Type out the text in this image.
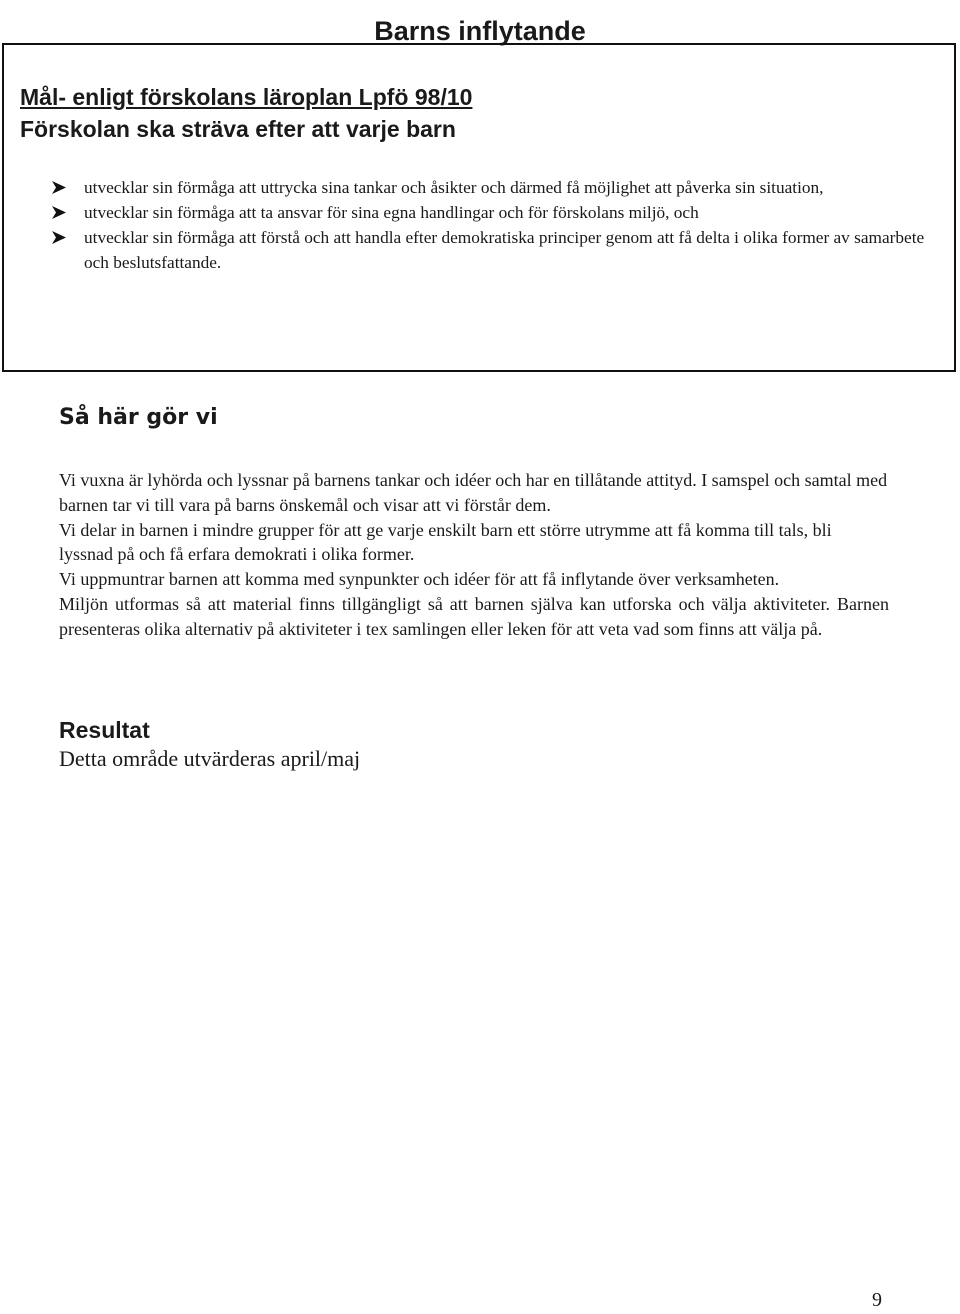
Barns inflytande
Mål- enligt förskolans läroplan Lpfö 98/10
Förskolan ska sträva efter att varje barn
utvecklar sin förmåga att uttrycka sina tankar och åsikter och därmed få möjlighet att påverka sin situation,
utvecklar sin förmåga att ta ansvar för sina egna handlingar och för förskolans miljö, och
utvecklar sin förmåga att förstå och att handla efter demokratiska principer genom att få delta i olika former av samarbete och beslutsfattande.
Så här gör vi

Vi vuxna är lyhörda och lyssnar på barnens tankar och idéer och har en tillåtande attityd. I samspel och samtal med barnen tar vi till vara på barns önskemål och visar att vi förstår dem.

Vi delar in barnen i mindre grupper för att ge varje enskilt barn ett större utrymme att få komma till tals, bli lyssnad på och få erfara demokrati i olika former.

Vi uppmuntrar barnen att komma med synpunkter och idéer för att få inflytande över verksamheten.

Miljön utformas så att material finns tillgängligt så att barnen själva kan utforska och välja aktiviteter. Barnen presenteras olika alternativ på aktiviteter i tex samlingen eller leken för att veta vad som finns att välja på.

Resultat

Detta område utvärderas april/maj

9
